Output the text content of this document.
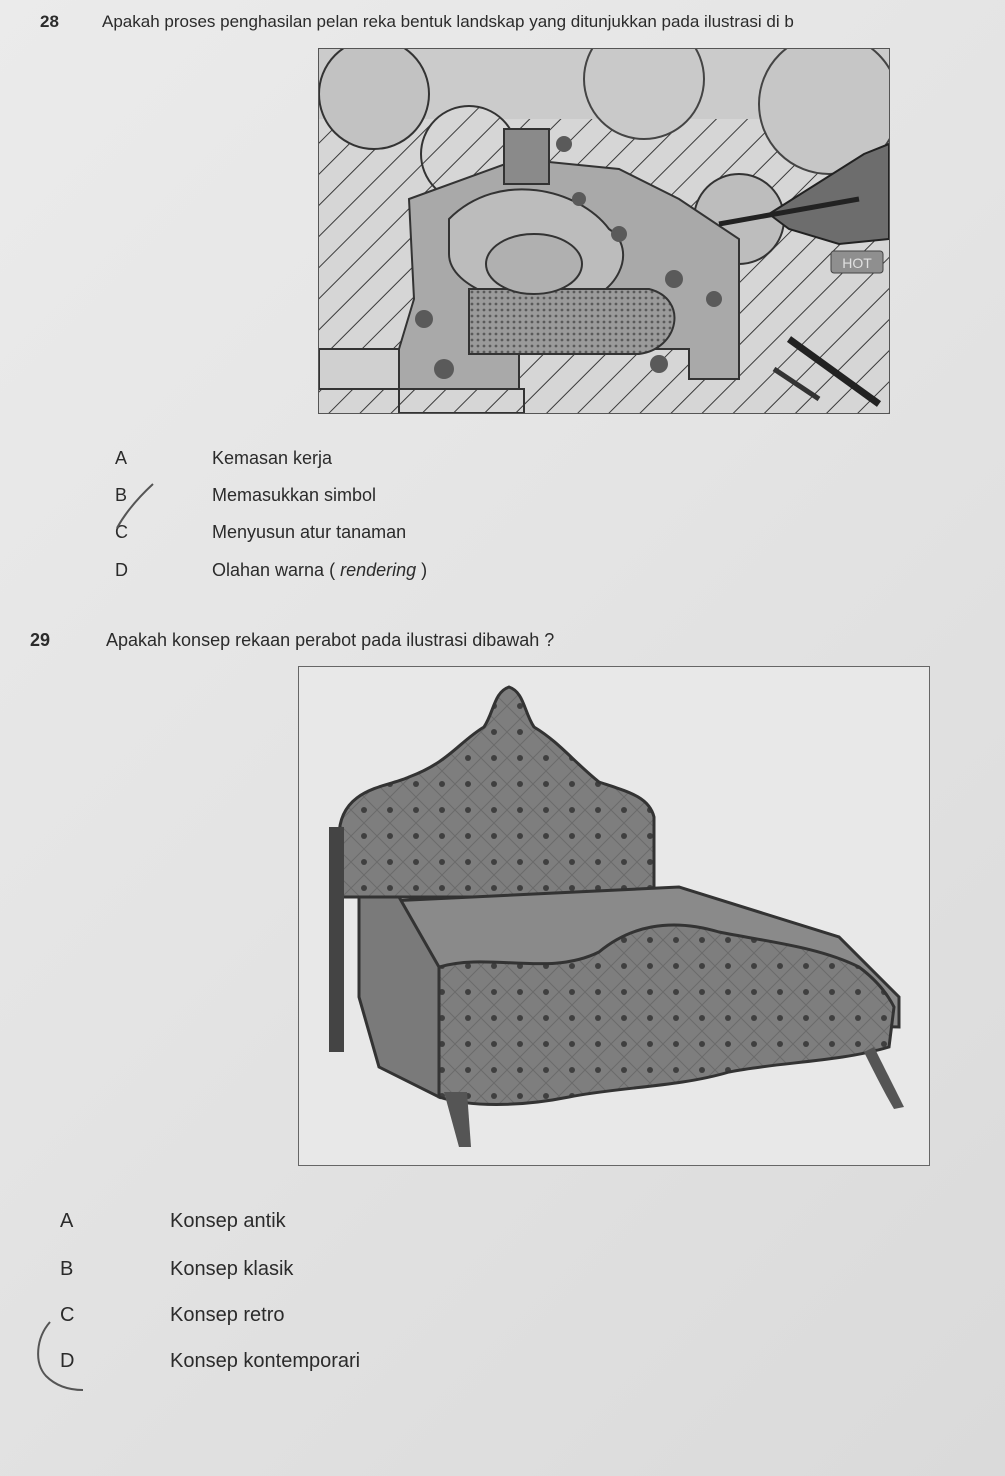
28	Apakah proses penghasilan pelan reka bentuk landskap yang ditunjukkan pada ilustrasi di b
HOT
A	Kemasan kerja
B	Memasukkan simbol
C	Menyusun atur tanaman
D	Olahan warna ( rendering )
29	Apakah konsep rekaan perabot pada ilustrasi dibawah ?
A	Konsep antik
B	Konsep klasik
C	Konsep retro
D	Konsep kontemporari
